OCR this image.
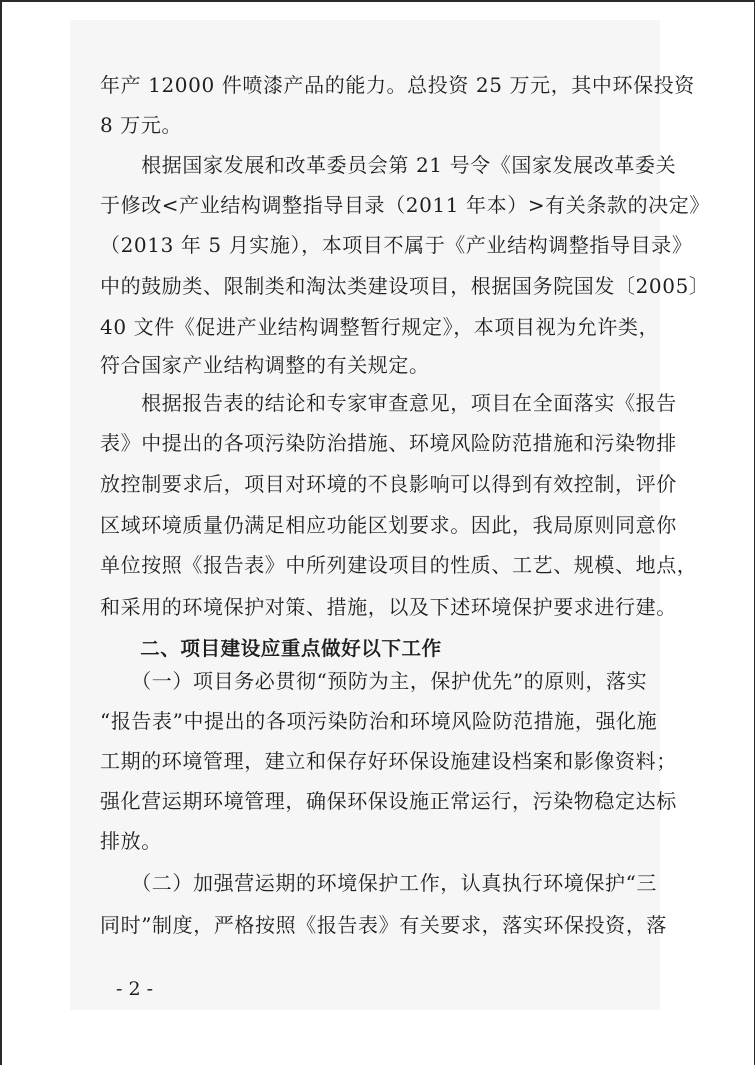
年产 12000 件喷漆产品的能力。总投资 25 万元，其中环保投资

8 万元。

　　根据国家发展和改革委员会第 21 号令《国家发展改革委关

于修改<产业结构调整指导目录（2011 年本）>有关条款的决定》

（2013 年 5 月实施），本项目不属于《产业结构调整指导目录》

中的鼓励类、限制类和淘汰类建设项目，根据国务院国发〔2005〕

40 文件《促进产业结构调整暂行规定》，本项目视为允许类，

符合国家产业结构调整的有关规定。

　　根据报告表的结论和专家审查意见，项目在全面落实《报告

表》中提出的各项污染防治措施、环境风险防范措施和污染物排

放控制要求后，项目对环境的不良影响可以得到有效控制，评价

区域环境质量仍满足相应功能区划要求。因此，我局原则同意你

单位按照《报告表》中所列建设项目的性质、工艺、规模、地点，

和采用的环境保护对策、措施，以及下述环境保护要求进行建。

　　二、项目建设应重点做好以下工作

　　（一）项目务必贯彻“预防为主，保护优先”的原则，落实

“报告表”中提出的各项污染防治和环境风险防范措施，强化施

工期的环境管理，建立和保存好环保设施建设档案和影像资料；

强化营运期环境管理，确保环保设施正常运行，污染物稳定达标

排放。

　　（二）加强营运期的环境保护工作，认真执行环境保护“三

同时”制度，严格按照《报告表》有关要求，落实环保投资，落

- 2 -
